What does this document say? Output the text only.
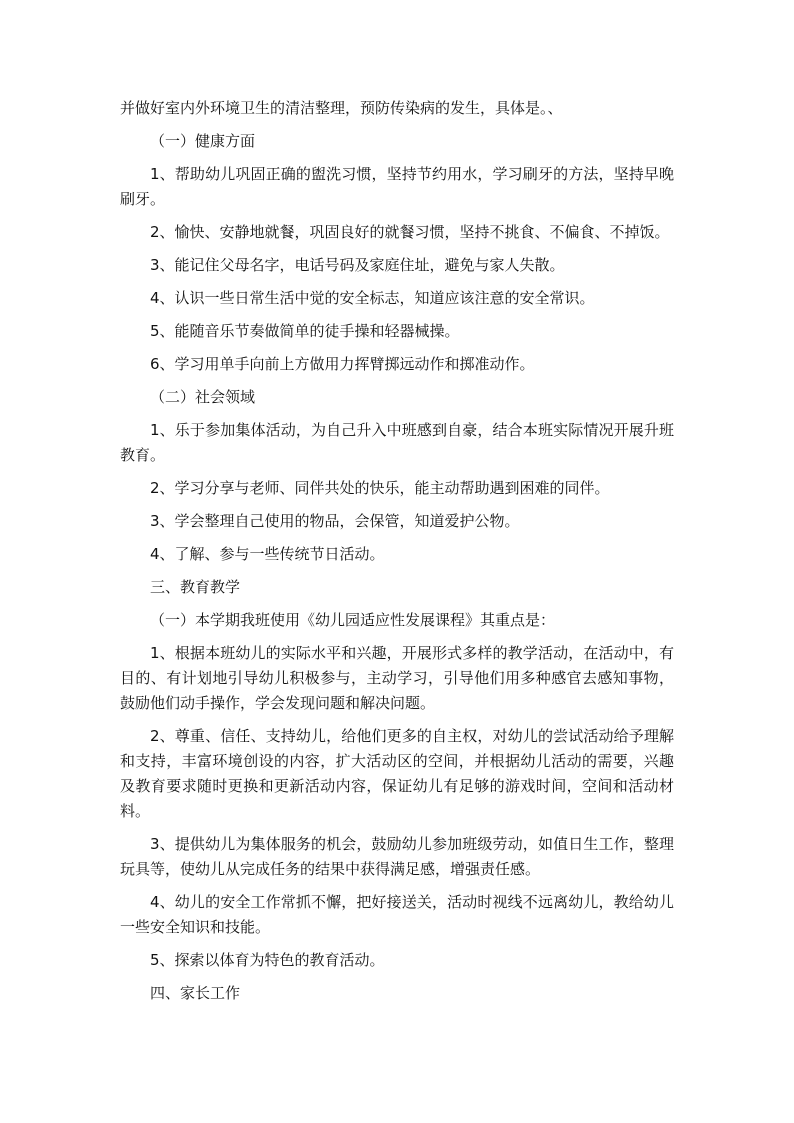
并做好室内外环境卫生的清洁整理，预防传染病的发生，具体是。、

（一）健康方面

1、帮助幼儿巩固正确的盥洗习惯，坚持节约用水，学习刷牙的方法，坚持早晚刷牙。

2、愉快、安静地就餐，巩固良好的就餐习惯，坚持不挑食、不偏食、不掉饭。

3、能记住父母名字，电话号码及家庭住址，避免与家人失散。

4、认识一些日常生活中觉的安全标志，知道应该注意的安全常识。

5、能随音乐节奏做简单的徒手操和轻器械操。

6、学习用单手向前上方做用力挥臂掷远动作和掷准动作。

（二）社会领域

1、乐于参加集体活动，为自己升入中班感到自豪，结合本班实际情况开展升班教育。

2、学习分享与老师、同伴共处的快乐，能主动帮助遇到困难的同伴。

3、学会整理自己使用的物品，会保管，知道爱护公物。

4、了解、参与一些传统节日活动。

三、教育教学

（一）本学期我班使用《幼儿园适应性发展课程》其重点是：

1、根据本班幼儿的实际水平和兴趣，开展形式多样的教学活动，在活动中，有目的、有计划地引导幼儿积极参与，主动学习，引导他们用多种感官去感知事物，鼓励他们动手操作，学会发现问题和解决问题。

2、尊重、信任、支持幼儿，给他们更多的自主权，对幼儿的尝试活动给予理解和支持，丰富环境创设的内容，扩大活动区的空间，并根据幼儿活动的需要，兴趣及教育要求随时更换和更新活动内容，保证幼儿有足够的游戏时间，空间和活动材料。

3、提供幼儿为集体服务的机会，鼓励幼儿参加班级劳动，如值日生工作，整理玩具等，使幼儿从完成任务的结果中获得满足感，增强责任感。

4、幼儿的安全工作常抓不懈，把好接送关，活动时视线不远离幼儿，教给幼儿一些安全知识和技能。

5、探索以体育为特色的教育活动。

四、家长工作
